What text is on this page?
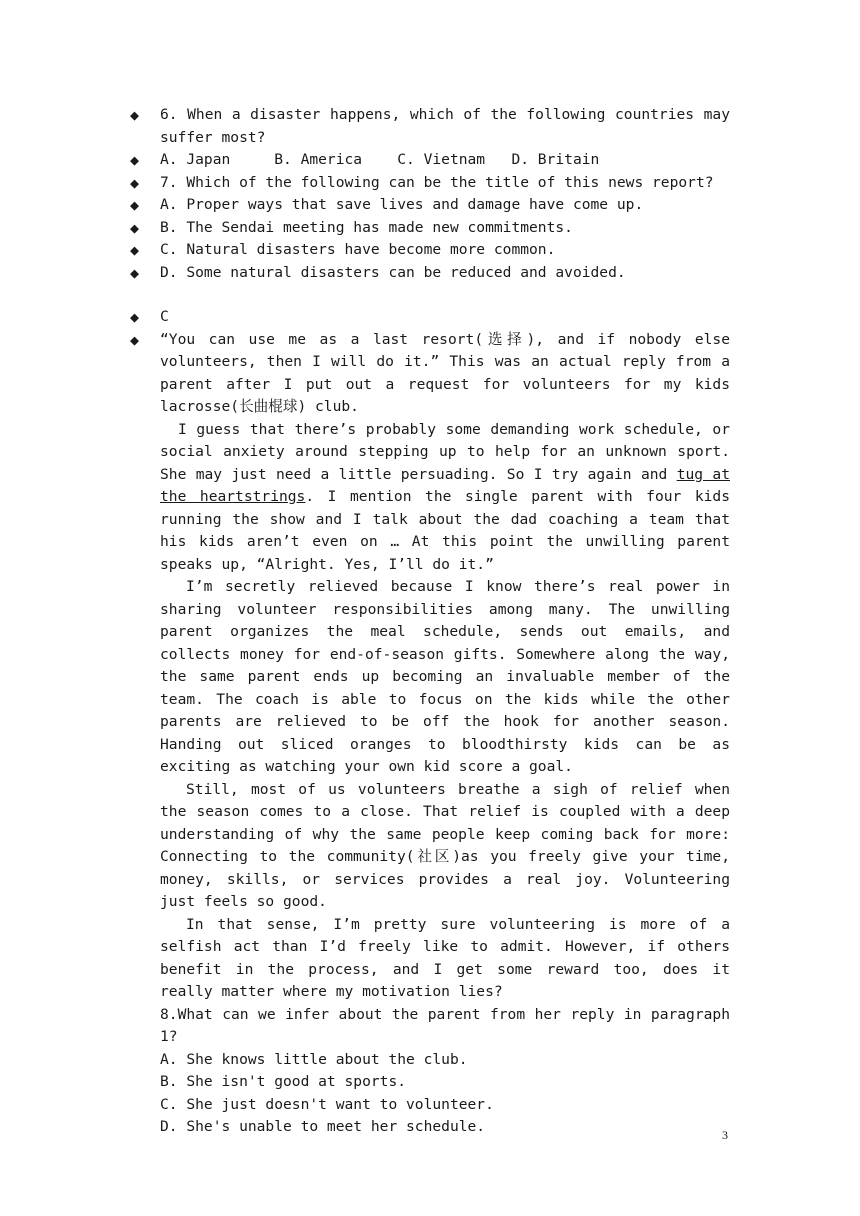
◆ 6. When a disaster happens, which of the following countries may suffer most?

◆ A. Japan     B. America    C. Vietnam   D. Britain

◆ 7. Which of the following can be the title of this news report?

◆ A. Proper ways that save lives and damage have come up.

◆ B. The Sendai meeting has made new commitments.

◆ C. Natural disasters have become more common.

◆ D. Some natural disasters can be reduced and avoided.

◆ C

◆ “You can use me as a last resort(选择), and if nobody else volunteers, then I will do it.” This was an actual reply from a parent after I put out a request for volunteers for my kids lacrosse(长曲棍球) club.

I guess that there’s probably some demanding work schedule, or social anxiety around stepping up to help for an unknown sport. She may just need a little persuading. So I try again and tug at the heartstrings. I mention the single parent with four kids running the show and I talk about the dad coaching a team that his kids aren’t even on … At this point the unwilling parent speaks up, “Alright. Yes, I’ll do it.”

I’m secretly relieved because I know there’s real power in sharing volunteer responsibilities among many. The unwilling parent organizes the meal schedule, sends out emails, and collects money for end-of-season gifts. Somewhere along the way, the same parent ends up becoming an invaluable member of the team. The coach is able to focus on the kids while the other parents are relieved to be off the hook for another season. Handing out sliced oranges to bloodthirsty kids can be as exciting as watching your own kid score a goal.

Still, most of us volunteers breathe a sigh of relief when the season comes to a close. That relief is coupled with a deep understanding of why the same people keep coming back for more: Connecting to the community(社区)as you freely give your time, money, skills, or services provides a real joy. Volunteering just feels so good.

In that sense, I’m pretty sure volunteering is more of a selfish act than I’d freely like to admit. However, if others benefit in the process, and I get some reward too, does it really matter where my motivation lies?

8.What can we infer about the parent from her reply in paragraph 1?

A. She knows little about the club.

B. She isn't good at sports.

C. She just doesn't want to volunteer.

D. She's unable to meet her schedule.	3
